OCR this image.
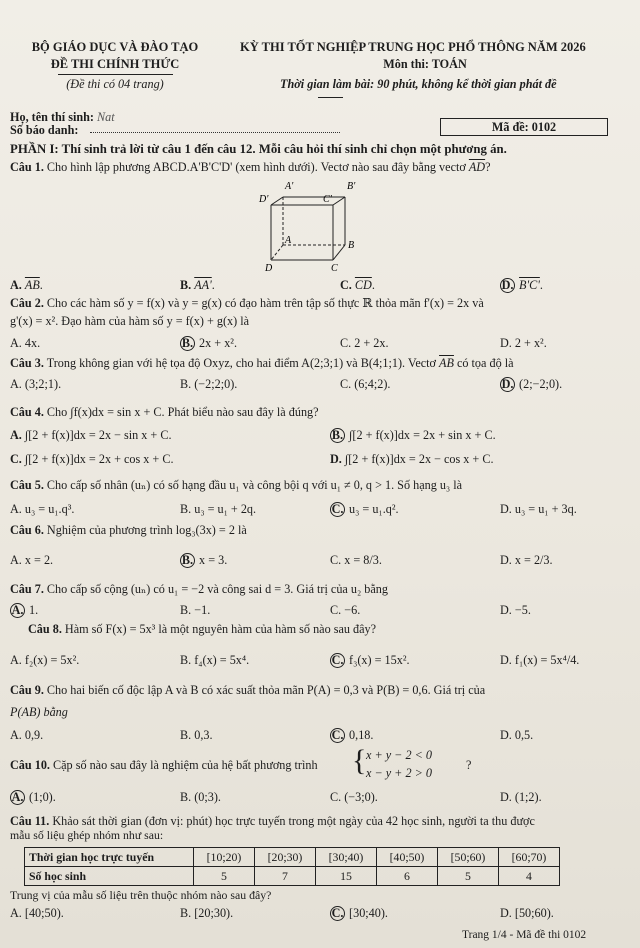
BỘ GIÁO DỤC VÀ ĐÀO TẠO
ĐỀ THI CHÍNH THỨC
(Đề thi có 04 trang)
KỲ THI TỐT NGHIỆP TRUNG HỌC PHỔ THÔNG NĂM 2026
Môn thi: TOÁN
Thời gian làm bài: 90 phút, không kể thời gian phát đề
Họ, tên thí sinh: Nat
Số báo danh:	Mã đề: 0102
PHẦN I: Thí sinh trả lời từ câu 1 đến câu 12. Mỗi câu hỏi thí sinh chỉ chọn một phương án.
Câu 1. Cho hình lập phương ABCD.A'B'C'D' (xem hình dưới). Vectơ nào sau đây bằng vectơ $\overline{AD}$?
A'	B'
C'
D'
A	B
C
D
A. $\overline{AB}$.	B. AA'.	C. $\overline{CD}$.	D. B'C'.
Câu 2. Cho các hàm số y = f(x) và y = g(x) có đạo hàm trên tập số thực ℝ thỏa mãn f'(x) = 2x và
g'(x) = x². Đạo hàm của hàm số y = f(x) + g(x) là
A. 4x.	B. 2x + x².	C. 2 + 2x.	D. 2 + x².
Câu 3. Trong không gian với hệ tọa độ Oxyz, cho hai điểm A(2;3;1) và B(4;1;1). Vectơ $\overline{AB}$ có tọa độ là
A. (3;2;1).	B. (−2;2;0).	C. (6;4;2).	D. (2;−2;0).
Câu 4. Cho ∫f(x)dx = sin x + C. Phát biểu nào sau đây là đúng?
A. ∫[2 + f(x)]dx = 2x − sin x + C.	B. ∫[2 + f(x)]dx = 2x + sin x + C.
C. ∫[2 + f(x)]dx = 2x + cos x + C.	D. ∫[2 + f(x)]dx = 2x − cos x + C.
Câu 5. Cho cấp số nhân (uₙ) có số hạng đầu u₁ và công bội q với u₁ ≠ 0, q > 1. Số hạng u₃ là
A. u₃ = u₁.q³.	B. u₃ = u₁ + 2q.	C. u₃ = u₁.q².	D. u₃ = u₁ + 3q.
Câu 6. Nghiệm của phương trình log₃(3x) = 2 là
A. x = 2.	B. x = 3.	C. x = 8/3.	D. x = 2/3.
Câu 7. Cho cấp số cộng (uₙ) có u₁ = −2 và công sai d = 3. Giá trị của u₂ bằng
A. 1.	B. −1.	C. −6.	D. −5.
Câu 8. Hàm số F(x) = 5x³ là một nguyên hàm của hàm số nào sau đây?
A. f₂(x) = 5x².	B. f₄(x) = 5x⁴.	C. f₃(x) = 15x².	D. f₁(x) = 5x⁴/4.
Câu 9. Cho hai biến cố độc lập A và B có xác suất thỏa mãn P(A) = 0,3 và P(B) = 0,6. Giá trị của
P(AB) bằng
A. 0,9.	B. 0,3.	C. 0,18.	D. 0,5.
Câu 10. Cặp số nào sau đây là nghiệm của hệ bất phương trình { x + y − 2 < 0
x − y + 2 > 0
?
A. (1;0).	B. (0;3).	C. (−3;0).	D. (1;2).
Câu 11. Khảo sát thời gian (đơn vị: phút) học trực tuyến trong một ngày của 42 học sinh, người ta thu được
mẫu số liệu ghép nhóm như sau:
Thời gian học trực tuyến	[10;20)	[20;30)	[30;40)	[40;50)	[50;60)	[60;70)
Số học sinh	5	7	15	6	5	4
Trung vị của mẫu số liệu trên thuộc nhóm nào sau đây?
A. [40;50).	B. [20;30).	C. [30;40).	D. [50;60).
Trang 1/4 - Mã đề thi 0102
